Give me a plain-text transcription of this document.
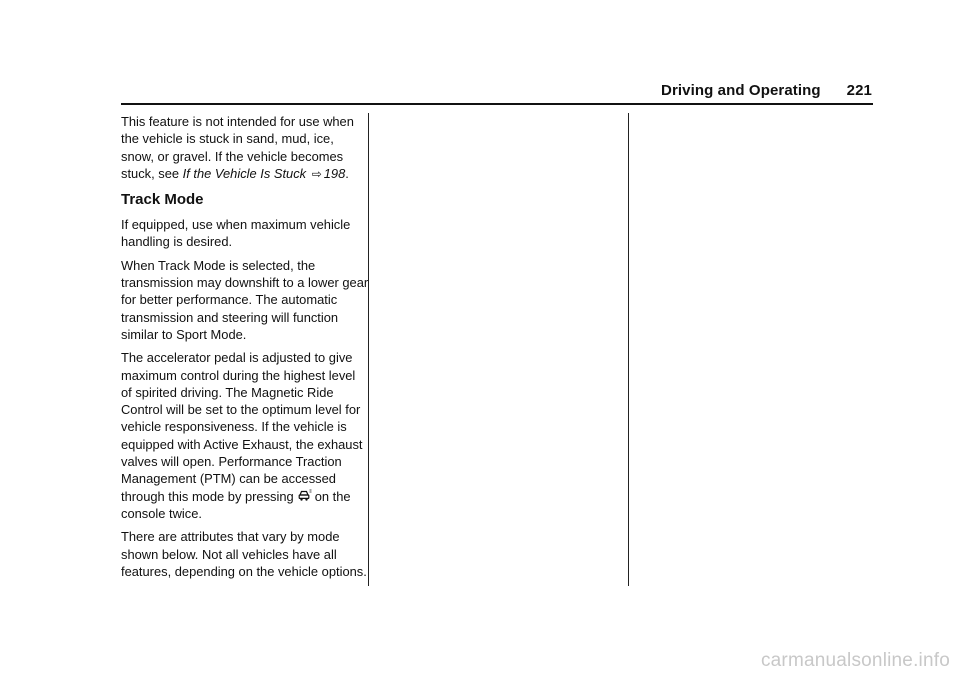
Driving and Operating 221

This feature is not intended for use when the vehicle is stuck in sand, mud, ice, snow, or gravel. If the vehicle becomes stuck, see If the Vehicle Is Stuck ⇨ 198.

Track Mode

If equipped, use when maximum vehicle handling is desired.

When Track Mode is selected, the transmission may downshift to a lower gear for better performance. The automatic transmission and steering will function similar to Sport Mode.

The accelerator pedal is adjusted to give maximum control during the highest level of spirited driving. The Magnetic Ride Control will be set to the optimum level for vehicle responsiveness. If the vehicle is equipped with Active Exhaust, the exhaust valves will open. Performance Traction Management (PTM) can be accessed through this mode by pressing on the console twice.

There are attributes that vary by mode shown below. Not all vehicles have all features, depending on the vehicle options.

carmanualsonline.info
